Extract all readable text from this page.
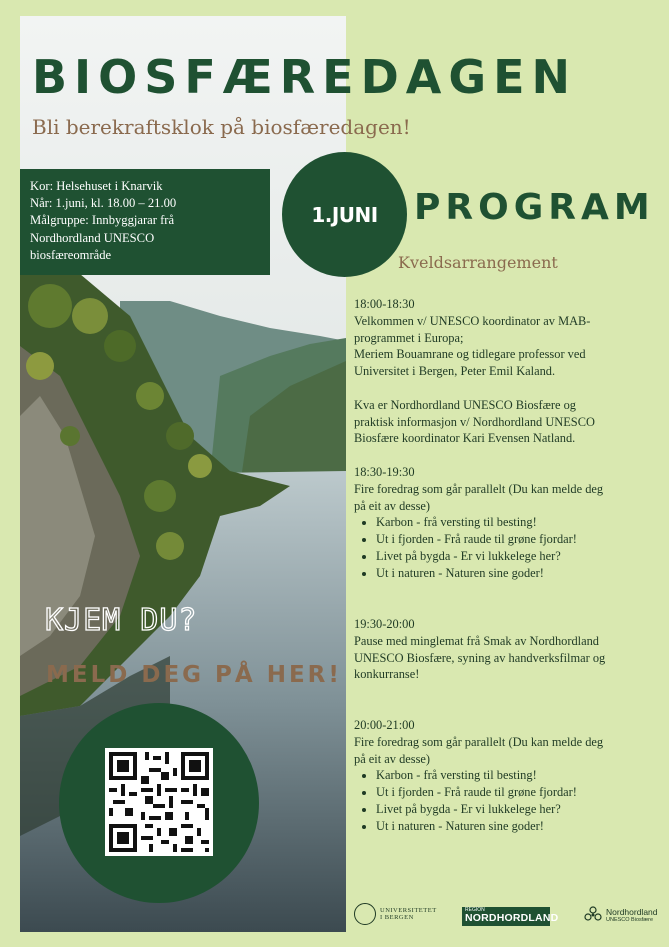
BIOSFÆREDAGEN
Bli berekraftsklok på biosfæredagen!
Kor: Helsehuset i Knarvik
Når: 1.juni, kl. 18.00 – 21.00
Målgruppe: Innbyggjarar frå
Nordhordland UNESCO
biosfæreområde
1.JUNI PROGRAM
Kveldsarrangement

18:00-18:30

Velkommen v/ UNESCO koordinator av MAB-

programmet i Europa;

Meriem Bouamrane og tidlegare professor ved

Universitet i Bergen, Peter Emil Kaland.

Kva er Nordhordland UNESCO Biosfære og

praktisk informasjon v/ Nordhordland UNESCO

Biosfære koordinator Kari Evensen Natland.

18:30-19:30

Fire foredrag som går parallelt (Du kan melde deg

på eit av desse)

• Karbon - frå versting til besting!
• Ut i fjorden - Frå raude til grøne fjordar!
• Livet på bygda - Er vi lukkelege her?
• Ut i naturen - Naturen sine goder!

19:30-20:00

Pause med minglemat frå Smak av Nordhordland

UNESCO Biosfære, syning av handverksfilmar og

konkurranse!

20:00-21:00

Fire foredrag som går parallelt (Du kan melde deg

på eit av desse)

• Karbon - frå versting til besting!
• Ut i fjorden - Frå raude til grøne fjordar!
• Livet på bygda - Er vi lukkelege her?
• Ut i naturen - Naturen sine goder!
KJEM DU?
MELD DEG PÅ HER!
UNIVERSITETET
I BERGEN
REGION
NORDHORDLAND
Nordhordland
UNESCO Biosfære
